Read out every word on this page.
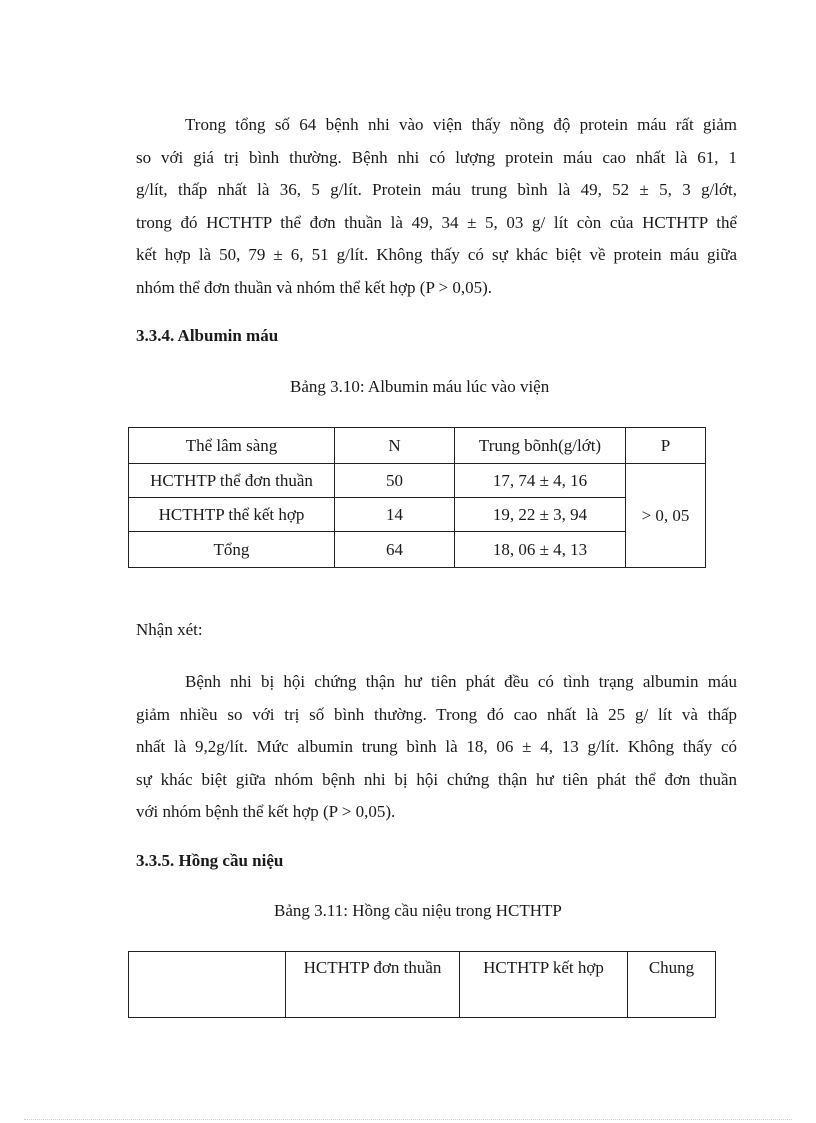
Trong tổng số 64 bệnh nhi vào viện thấy nồng độ protein máu rất giảm
so với giá trị bình thường. Bệnh nhi có lượng protein máu cao nhất là 61, 1
g/lít, thấp nhất là 36, 5 g/lít. Protein máu trung bình là 49, 52 ± 5, 3 g/lớt,
trong đó HCTHTP thể đơn thuần là 49, 34 ± 5, 03 g/ lít còn của HCTHTP thể
kết hợp là 50, 79 ± 6, 51 g/lít. Không thấy có sự khác biệt về protein máu giữa
nhóm thể đơn thuần và nhóm thể kết hợp (P > 0,05).
3.3.4. Albumin máu

Bảng 3.10: Albumin máu lúc vào viện

Thể lâm sàng	N	Trung bõnh(g/lớt)	P
HCTHTP thể đơn thuần	50	17, 74 ± 4, 16	> 0, 05
HCTHTP thể kết hợp	14	19, 22 ± 3, 94	
Tổng	64	18, 06 ± 4, 13	

Nhận xét:

Bệnh nhi bị hội chứng thận hư tiên phát đều có tình trạng albumin máu
giảm nhiều so với trị số bình thường. Trong đó cao nhất là 25 g/ lít và thấp
nhất là 9,2g/lít. Mức albumin trung bình là 18, 06 ± 4, 13 g/lít. Không thấy có
sự khác biệt giữa nhóm bệnh nhi bị hội chứng thận hư tiên phát thể đơn thuần
với nhóm bệnh thể kết hợp (P > 0,05).
3.3.5. Hồng cầu niệu

Bảng 3.11: Hồng cầu niệu trong HCTHTP

	HCTHTP đơn thuần	HCTHTP kết hợp	Chung
